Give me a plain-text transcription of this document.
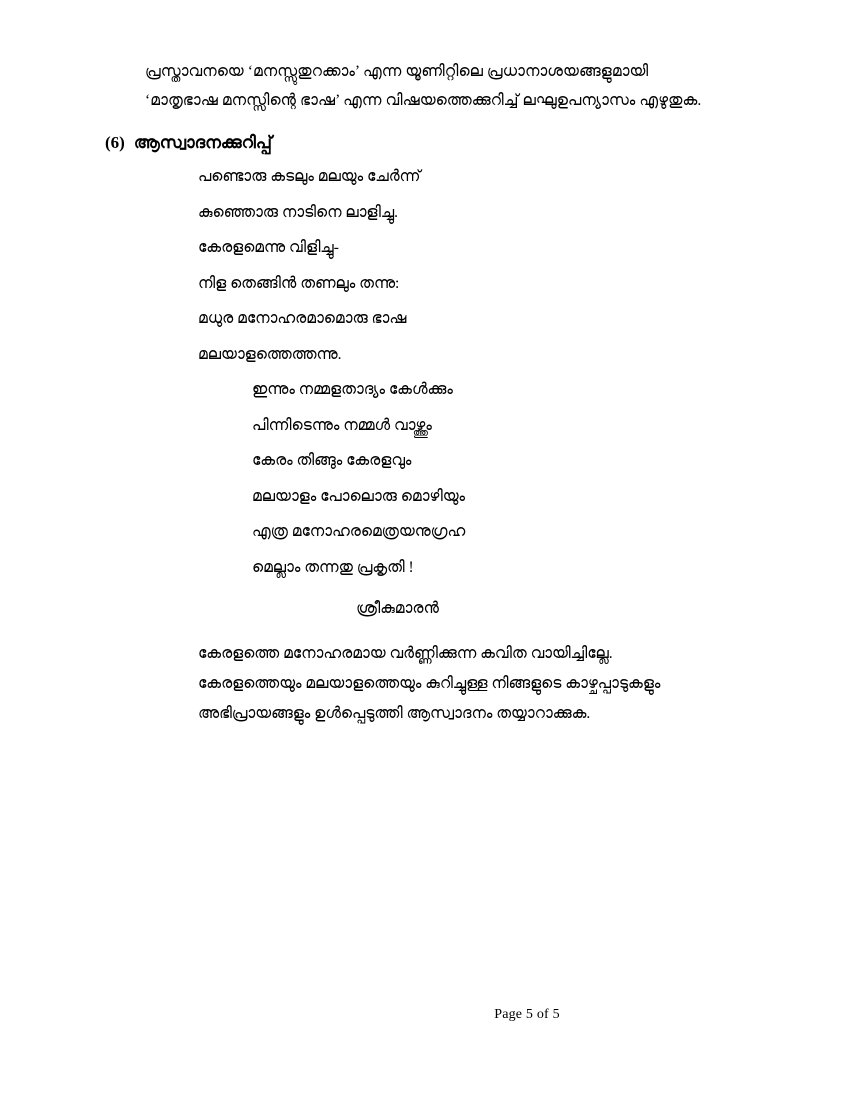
പ്രസ്താവനയെ ‘മനസ്സുതുറക്കാം’ എന്ന യൂണിറ്റിലെ പ്രധാനാശയങ്ങളുമായി
‘മാതൃഭാഷ മനസ്സിന്റെ ഭാഷ’ എന്ന വിഷയത്തെക്കുറിച്ച് ലഘുഉപന്യാസം എഴുതുക.
(6) ആസ്വാദനക്കുറിപ്പ്
പണ്ടൊരു കടലും മലയും ചേർന്ന്
കുഞ്ഞൊരു നാടിനെ ലാളിച്ചു.
കേരളമെന്നു വിളിച്ചു-
നിള തെങ്ങിൻ തണലും തന്നു:
മധുര മനോഹരമാമൊരു ഭാഷ
മലയാളത്തെത്തന്നു.
ഇന്നും നമ്മളതാദ്യം കേൾക്കും
പിന്നിടെന്നും നമ്മൾ വാഴ്ത്തും
കേരം തിങ്ങും കേരളവും
മലയാളം പോലൊരു മൊഴിയും
എത്ര മനോഹരമെത്രയനുഗ്രഹ
മെല്ലാം തന്നതു പ്രകൃതി !
ശ്രീകുമാരൻ
കേരളത്തെ മനോഹരമായ വർണ്ണിക്കുന്ന കവിത വായിച്ചില്ലേ.
കേരളത്തെയും മലയാളത്തെയും കുറിച്ചുള്ള നിങ്ങളുടെ കാഴ്ചപ്പാടുകളും
അഭിപ്രായങ്ങളും ഉൾപ്പെടുത്തി ആസ്വാദനം തയ്യാറാക്കുക.
Page 5 of 5
